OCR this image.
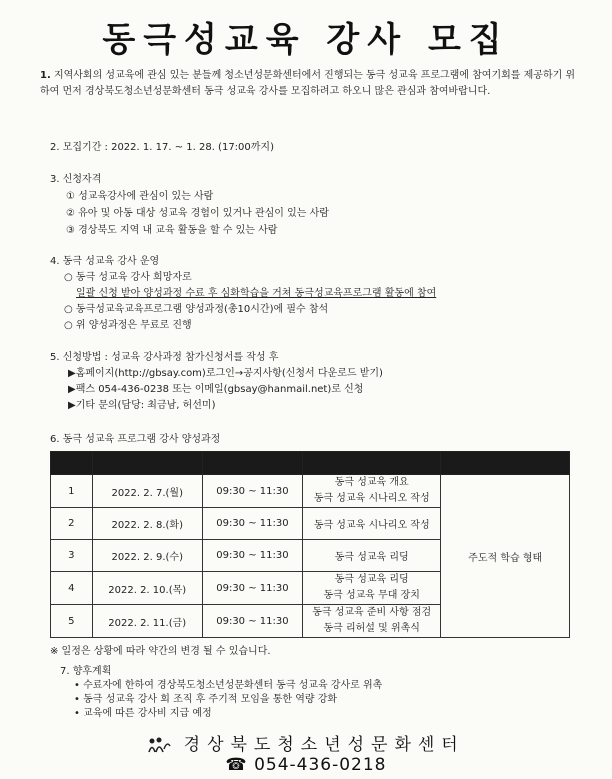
동극성교육 강사 모집
1. 지역사회의 성교육에 관심 있는 분들께 청소년성문화센터에서 진행되는 동극 성교육 프로그램에 참여기회를 제공하기 위하여 먼저 경상북도청소년성문화센터 동극 성교육 강사를 모집하려고 하오니 많은 관심과 참여바랍니다.
2. 모집기간 : 2022. 1. 17. ~ 1. 28. (17:00까지)
3. 신청자격
① 성교육강사에 관심이 있는 사람
② 유아 및 아동 대상 성교육 경험이 있거나 관심이 있는 사람
③ 경상북도 지역 내 교육 활동을 할 수 있는 사람
4. 동극 성교육 강사 운영
○ 동극 성교육 강사 희망자로
일괄 신청 받아 양성과정 수료 후 심화학습을 거쳐 동극성교육프로그램 활동에 참여
○ 동극성교육교육프로그램 양성과정(총10시간)에 필수 참석
○ 위 양성과정은 무료로 진행
5. 신청방법 : 성교육 강사과정 참가신청서를 작성 후
▶홈페이지(http://gbsay.com)로그인→공지사항(신청서 다운로드 받기)
▶팩스 054-436-0238 또는 이메일(gbsay@hanmail.net)로 신청
▶기타 문의(담당: 최금남, 허선미)
6. 동극 성교육 프로그램 강사 양성과정

1	2022. 2. 7.(월)	09:30 ~ 11:30	동극 성교육 개요
동극 성교육 시나리오 작성	주도적 학습 형태
2	2022. 2. 8.(화)	09:30 ~ 11:30	동극 성교육 시나리오 작성	
3	2022. 2. 9.(수)	09:30 ~ 11:30	동극 성교육 리딩	
4	2022. 2. 10.(목)	09:30 ~ 11:30	동극 성교육 리딩
동극 성교육 무대 장치	

5	2022. 2. 11.(금)	09:30 ~ 11:30	동극 성교육 준비 사항 점검
동극 리허설 및 위촉식	
※ 일정은 상황에 따라 약간의 변경 될 수 있습니다.
7. 향후계획
• 수료자에 한하여 경상북도청소년성문화센터 동극 성교육 강사로 위촉
• 동극 성교육 강사 회 조직 후 주기적 모임을 통한 역량 강화
• 교육에 따른 강사비 지급 예정
경상북도청소년성문화센터
☎ 054-436-0218
